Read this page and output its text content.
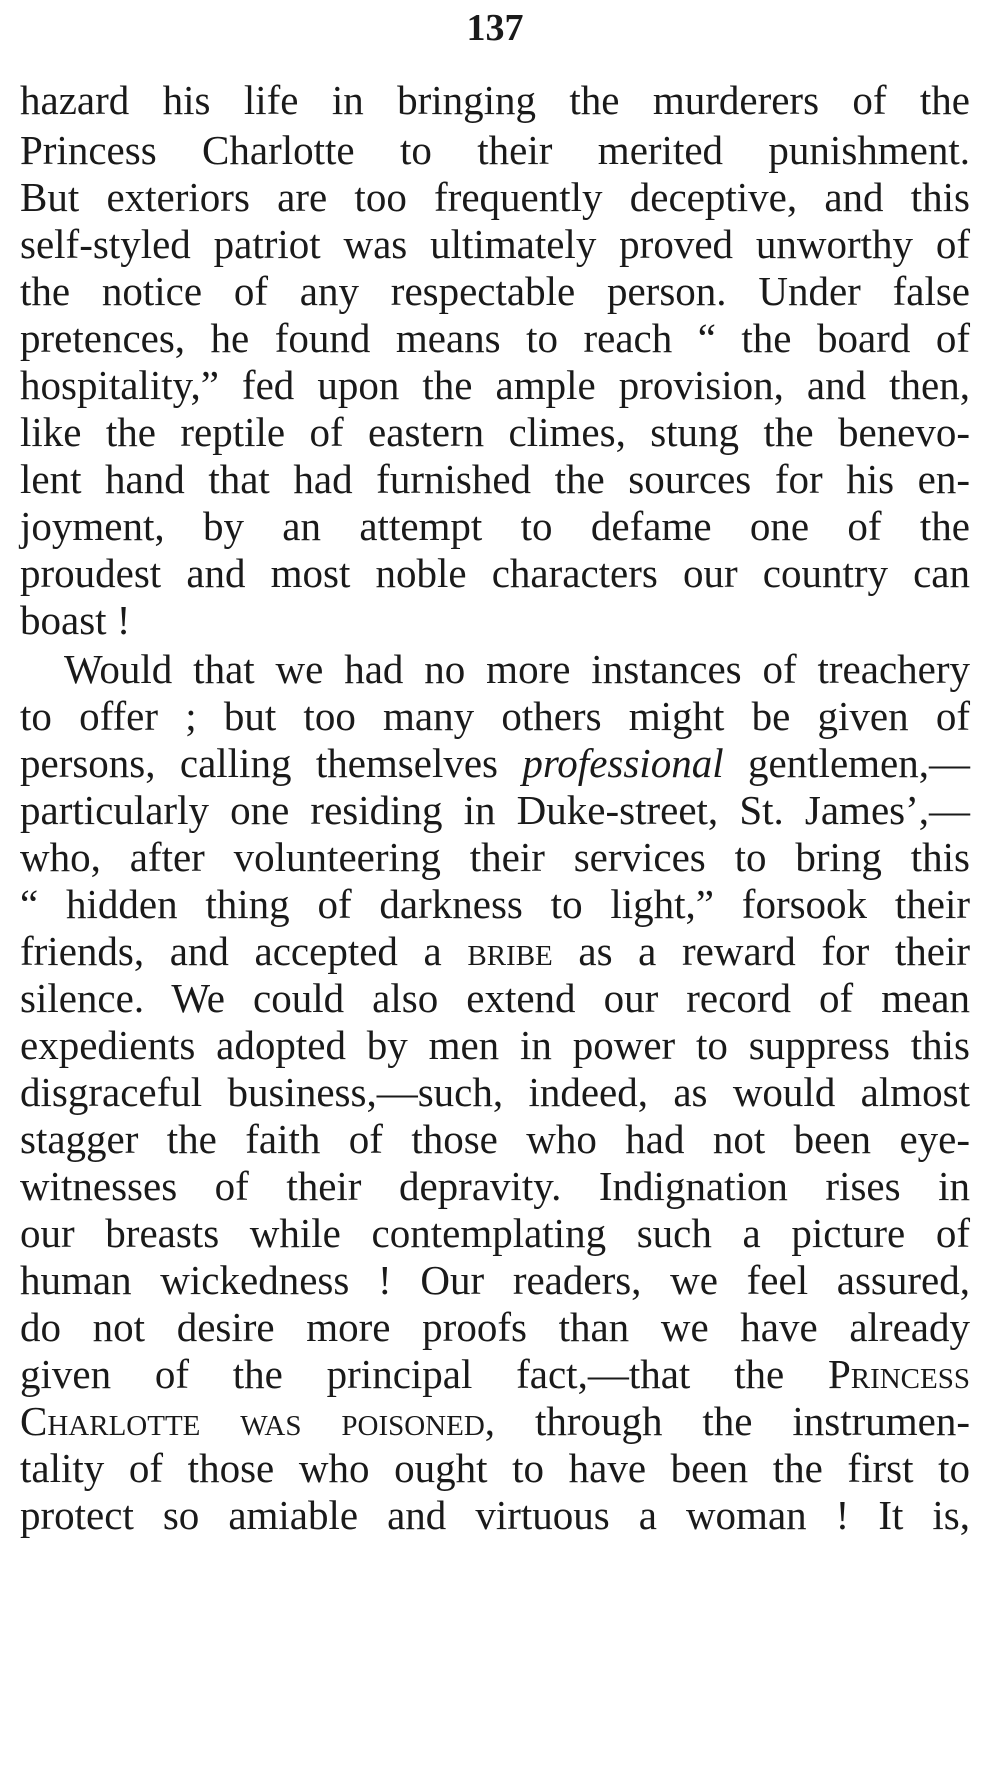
137
hazard his life in bringing the murderers of the
Princess Charlotte to their merited punishment.
But exteriors are too frequently deceptive, and this
self-styled patriot was ultimately proved unworthy of
the notice of any respectable person. Under false
pretences, he found means to reach “ the board of
hospitality,” fed upon the ample provision, and then,
like the reptile of eastern climes, stung the benevo-
lent hand that had furnished the sources for his en-
joyment, by an attempt to defame one of the
proudest and most noble characters our country can
boast !
Would that we had no more instances of treachery
to offer ; but too many others might be given of
persons, calling themselves professional gentlemen,—
particularly one residing in Duke-street, St. James’,—
who, after volunteering their services to bring this
“ hidden thing of darkness to light,” forsook their
friends, and accepted a bribe as a reward for their
silence. We could also extend our record of mean
expedients adopted by men in power to suppress this
disgraceful business,—such, indeed, as would almost
stagger the faith of those who had not been eye-
witnesses of their depravity. Indignation rises in
our breasts while contemplating such a picture of
human wickedness ! Our readers, we feel assured,
do not desire more proofs than we have already
given of the principal fact,—that the Princess
Charlotte was poisoned, through the instrumen-
tality of those who ought to have been the first to
protect so amiable and virtuous a woman ! It is,
